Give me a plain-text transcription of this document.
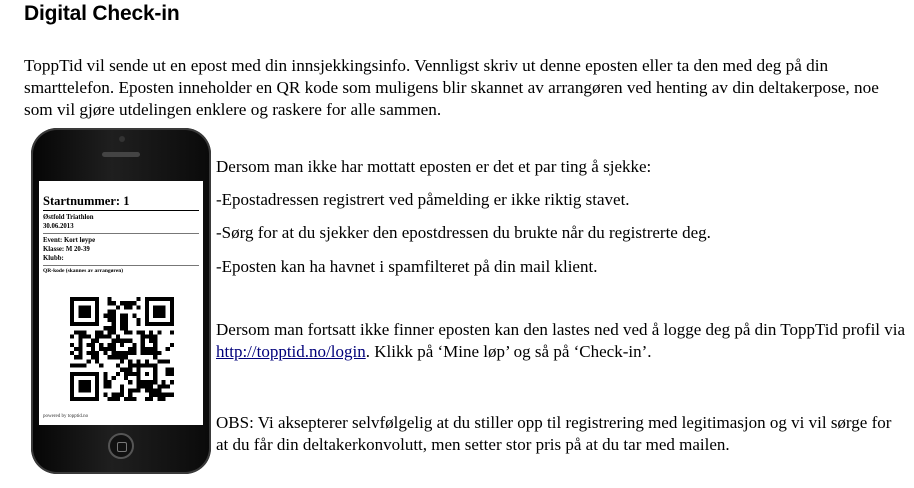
Digital Check-in

ToppTid vil sende ut en epost med din innsjekkingsinfo. Vennligst skriv ut denne eposten eller ta den med deg på din smarttelefon. Eposten inneholder en QR kode som muligens blir skannet av arrangøren ved henting av din deltakerpose, noe som vil gjøre utdelingen enklere og raskere for alle sammen.

Startnummer: 1
Østfold Triathlon
30.06.2013
Event: Kort løype
Klasse: M 20-39
Klubb:
QR-kode (skannes av arrangøren)
powered by topptid.no

Dersom man ikke har mottatt eposten er det et par ting å sjekke:

-Epostadressen registrert ved påmelding er ikke riktig stavet.

-Sørg for at du sjekker den epostdressen du brukte når du registrerte deg.

-Eposten kan ha havnet i spamfilteret på din mail klient.

Dersom man fortsatt ikke finner eposten kan den lastes ned ved å logge deg på din ToppTid profil via http://topptid.no/login. Klikk på ‘Mine løp’ og så på ‘Check-in’.

OBS: Vi aksepterer selvfølgelig at du stiller opp til registrering med legitimasjon og vi vil sørge for at du får din deltakerkonvolutt, men setter stor pris på at du tar med mailen.
